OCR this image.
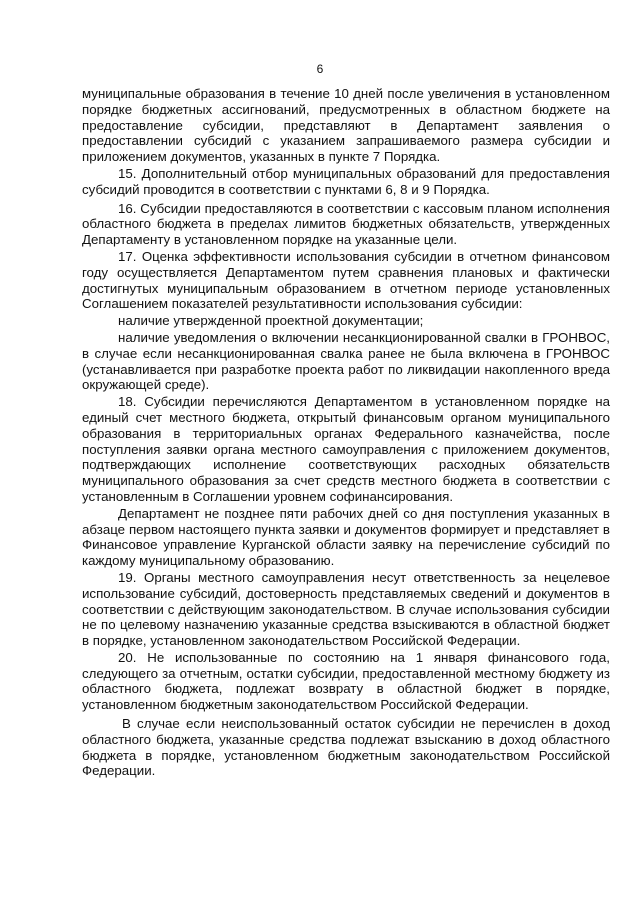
6

муниципальные образования в течение 10 дней после увеличения в установленном порядке бюджетных ассигнований, предусмотренных в областном бюджете на предоставление субсидии, представляют в Департамент заявления о предоставлении субсидий с указанием запрашиваемого размера субсидии и приложением документов, указанных в пункте 7 Порядка.

15. Дополнительный отбор муниципальных образований для предоставления субсидий проводится в соответствии с пунктами 6, 8 и 9 Порядка.

16. Субсидии предоставляются в соответствии с кассовым планом исполнения областного бюджета в пределах лимитов бюджетных обязательств, утвержденных Департаменту в установленном порядке на указанные цели.

17. Оценка эффективности использования субсидии в отчетном финансовом году осуществляется Департаментом путем сравнения плановых и фактически достигнутых муниципальным образованием в отчетном периоде установленных Соглашением показателей результативности использования субсидии:

наличие утвержденной проектной документации;

наличие уведомления о включении несанкционированной свалки в ГРОНВОС, в случае если несанкционированная свалка ранее не была включена в ГРОНВОС (устанавливается при разработке проекта работ по ликвидации накопленного вреда окружающей среде).

18. Субсидии перечисляются Департаментом в установленном порядке на единый счет местного бюджета, открытый финансовым органом муниципального образования в территориальных органах Федерального казначейства, после поступления заявки органа местного самоуправления с приложением документов, подтверждающих исполнение соответствующих расходных обязательств муниципального образования за счет средств местного бюджета в соответствии с установленным в Соглашении уровнем софинансирования.

Департамент не позднее пяти рабочих дней со дня поступления указанных в абзаце первом настоящего пункта заявки и документов формирует и представляет в Финансовое управление Курганской области заявку на перечисление субсидий по каждому муниципальному образованию.

19. Органы местного самоуправления несут ответственность за нецелевое использование субсидий, достоверность представляемых сведений и документов в соответствии с действующим законодательством. В случае использования субсидии не по целевому назначению указанные средства взыскиваются в областной бюджет в порядке, установленном законодательством Российской Федерации.

20. Не использованные по состоянию на 1 января финансового года, следующего за отчетным, остатки субсидии, предоставленной местному бюджету из областного бюджета, подлежат возврату в областной бюджет в порядке, установленном бюджетным законодательством Российской Федерации.

В случае если неиспользованный остаток субсидии не перечислен в доход областного бюджета, указанные средства подлежат взысканию в доход областного бюджета в порядке, установленном бюджетным законодательством Российской Федерации.
